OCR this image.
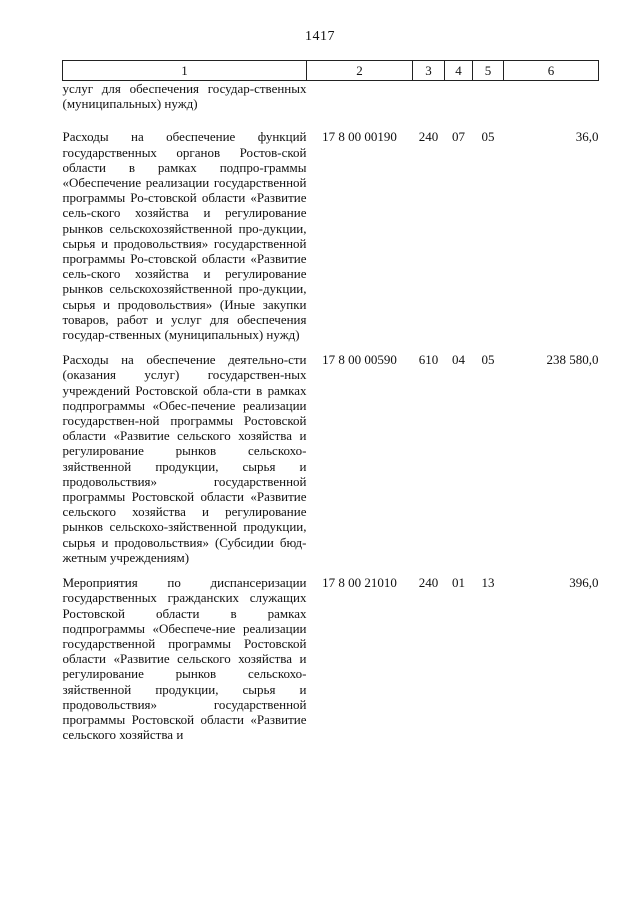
1417
1	2	3	4	5	6
услуг для обеспечения государ-ственных (муниципальных) нужд)					
Расходы на обеспечение функций государственных органов Ростов-ской области в рамках подпро-граммы «Обеспечение реализации государственной программы Ро-стовской области «Развитие сель-ского хозяйства и регулирование рынков сельскохозяйственной про-дукции, сырья и продовольствия» государственной программы Ро-стовской области «Развитие сель-ского хозяйства и регулирование рынков сельскохозяйственной про-дукции, сырья и продовольствия» (Иные закупки товаров, работ и услуг для обеспечения государ-ственных (муниципальных) нужд)	17 8 00 00190	240	07	05	36,0
Расходы на обеспечение деятельно-сти (оказания услуг) государствен-ных учреждений Ростовской обла-сти в рамках подпрограммы «Обес-печение реализации государствен-ной программы Ростовской области «Развитие сельского хозяйства и регулирование рынков сельскохо-зяйственной продукции, сырья и продовольствия» государственной программы Ростовской области «Развитие сельского хозяйства и регулирование рынков сельскохо-зяйственной продукции, сырья и продовольствия» (Субсидии бюд-жетным учреждениям)	17 8 00 00590	610	04	05	238 580,0
Мероприятия по диспансеризации государственных гражданских служащих Ростовской области в рамках подпрограммы «Обеспече-ние реализации государственной программы Ростовской области «Развитие сельского хозяйства и регулирование рынков сельскохо-зяйственной продукции, сырья и продовольствия» государственной программы Ростовской области «Развитие сельского хозяйства и	17 8 00 21010	240	01	13	396,0
